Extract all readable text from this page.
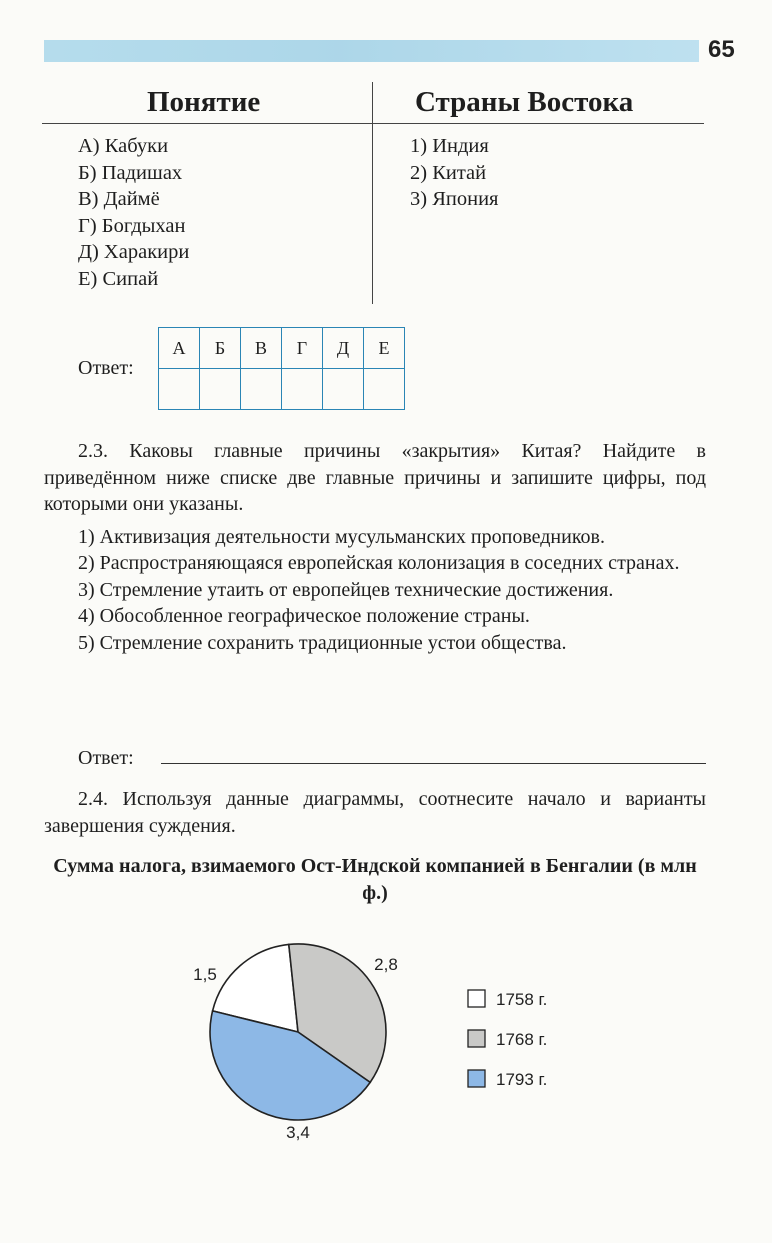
65
Понятие	Страны Востока
А) Кабуки
Б) Падишах
В) Даймё
Г) Богдыхан
Д) Харакири
Е) Сипай
1) Индия
2) Китай
3) Япония
Ответ:
А	Б	В	Г	Д	Е

2.3. Каковы главные причины «закрытия» Китая? Найдите в приведённом ниже списке две главные причины и запишите цифры, под которыми они указаны.

1) Активизация деятельности мусульманских проповедников.

2) Распространяющаяся европейская колонизация в соседних странах.

3) Стремление утаить от европейцев технические достижения.

4) Обособленное географическое положение страны.

5) Стремление сохранить традиционные устои общества.

Ответ:

2.4. Используя данные диаграммы, соотнесите начало и варианты завершения суждения.

Сумма налога, взимаемого Ост-Индской компанией в Бенгалии (в млн ф.)
1,5
2,8
3,4
1758 г.
1768 г.
1793 г.
